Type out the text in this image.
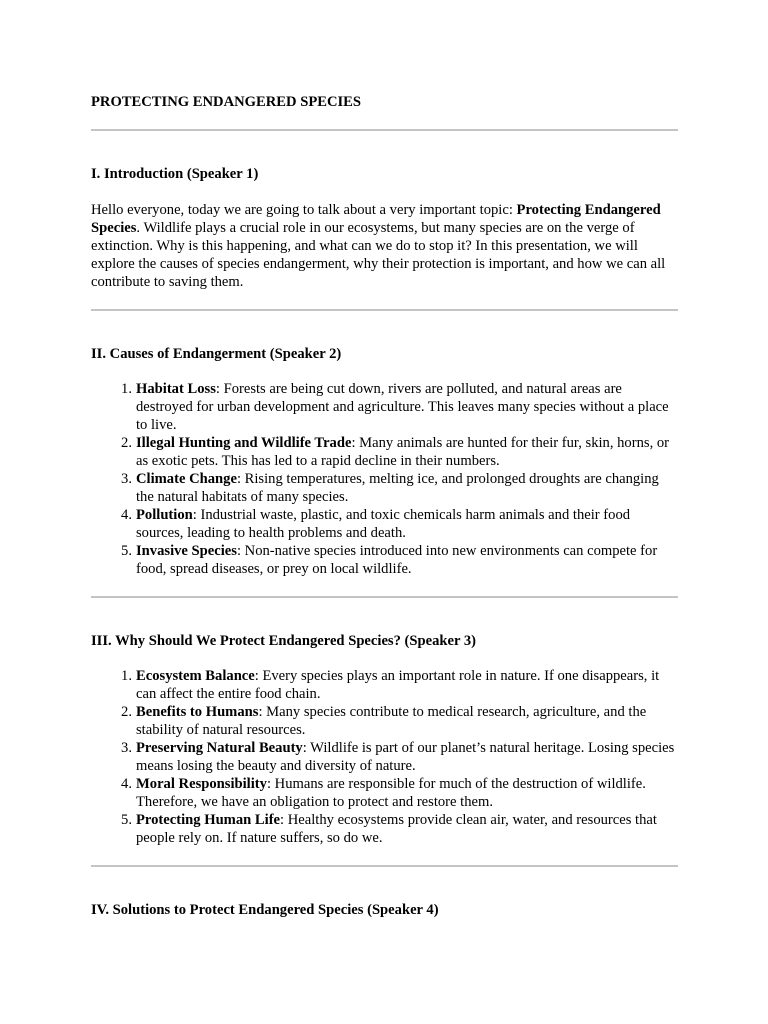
PROTECTING ENDANGERED SPECIES
I. Introduction (Speaker 1)

Hello everyone, today we are going to talk about a very important topic: Protecting Endangered Species. Wildlife plays a crucial role in our ecosystems, but many species are on the verge of extinction. Why is this happening, and what can we do to stop it? In this presentation, we will explore the causes of species endangerment, why their protection is important, and how we can all contribute to saving them.

II. Causes of Endangerment (Speaker 2)
1. Habitat Loss: Forests are being cut down, rivers are polluted, and natural areas are destroyed for urban development and agriculture. This leaves many species without a place to live.
2. Illegal Hunting and Wildlife Trade: Many animals are hunted for their fur, skin, horns, or as exotic pets. This has led to a rapid decline in their numbers.
3. Climate Change: Rising temperatures, melting ice, and prolonged droughts are changing the natural habitats of many species.
4. Pollution: Industrial waste, plastic, and toxic chemicals harm animals and their food sources, leading to health problems and death.
5. Invasive Species: Non-native species introduced into new environments can compete for food, spread diseases, or prey on local wildlife.
III. Why Should We Protect Endangered Species? (Speaker 3)
1. Ecosystem Balance: Every species plays an important role in nature. If one disappears, it can affect the entire food chain.
2. Benefits to Humans: Many species contribute to medical research, agriculture, and the stability of natural resources.
3. Preserving Natural Beauty: Wildlife is part of our planet’s natural heritage. Losing species means losing the beauty and diversity of nature.
4. Moral Responsibility: Humans are responsible for much of the destruction of wildlife. Therefore, we have an obligation to protect and restore them.
5. Protecting Human Life: Healthy ecosystems provide clean air, water, and resources that people rely on. If nature suffers, so do we.
IV. Solutions to Protect Endangered Species (Speaker 4)
